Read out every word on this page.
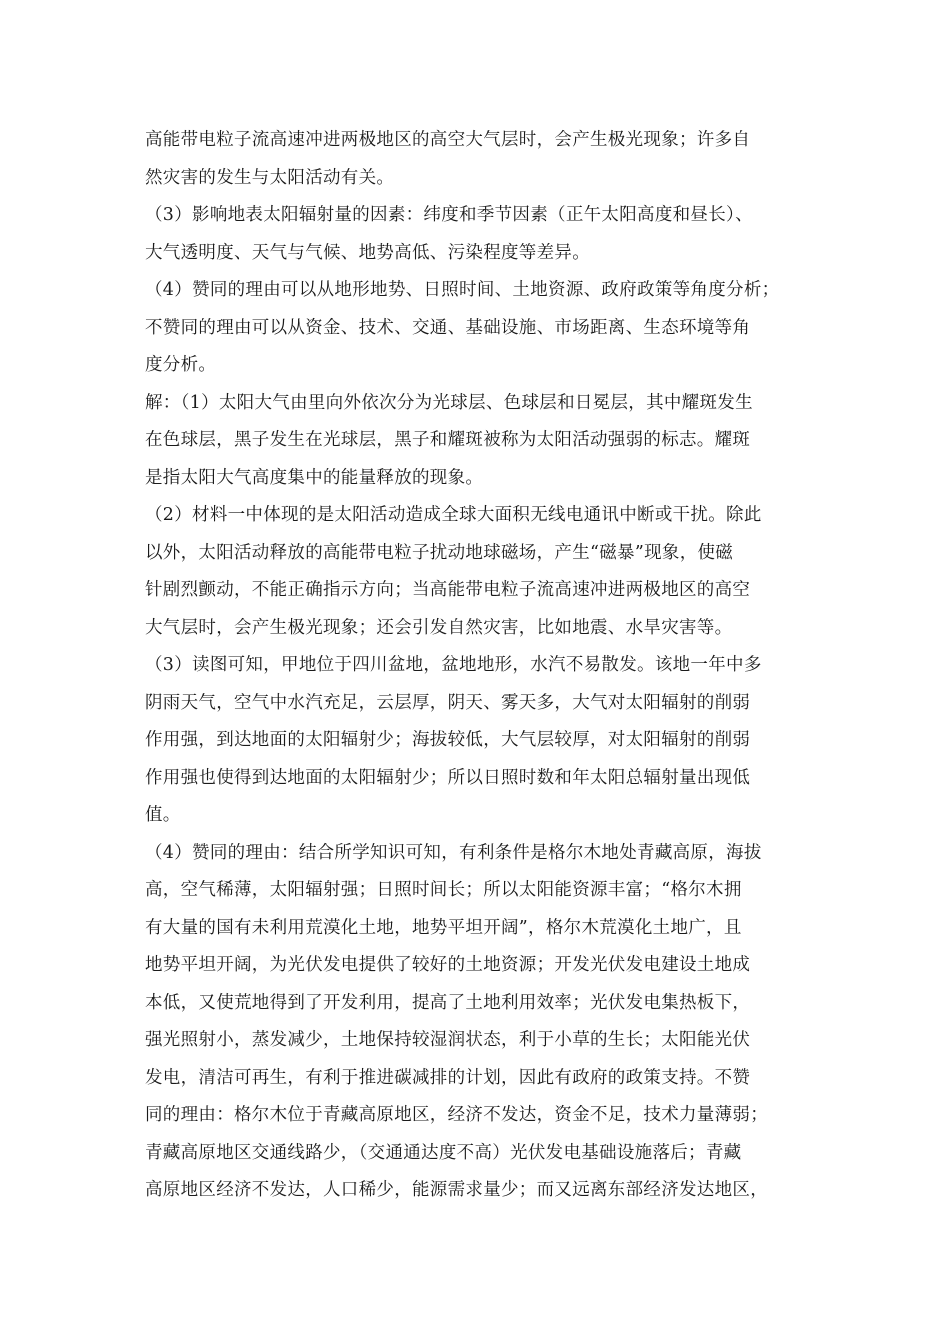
高能带电粒子流高速冲进两极地区的高空大气层时，会产生极光现象；许多自
然灾害的发生与太阳活动有关。
（3）影响地表太阳辐射量的因素：纬度和季节因素（正午太阳高度和昼长）、
大气透明度、天气与气候、地势高低、污染程度等差异。
（4）赞同的理由可以从地形地势、日照时间、土地资源、政府政策等角度分析；
不赞同的理由可以从资金、技术、交通、基础设施、市场距离、生态环境等角
度分析。
解：（1）太阳大气由里向外依次分为光球层、色球层和日冕层，其中耀斑发生
在色球层，黑子发生在光球层，黑子和耀斑被称为太阳活动强弱的标志。耀斑
是指太阳大气高度集中的能量释放的现象。
（2）材料一中体现的是太阳活动造成全球大面积无线电通讯中断或干扰。除此
以外，太阳活动释放的高能带电粒子扰动地球磁场，产生“磁暴”现象，使磁
针剧烈颤动，不能正确指示方向；当高能带电粒子流高速冲进两极地区的高空
大气层时，会产生极光现象；还会引发自然灾害，比如地震、水旱灾害等。
（3）读图可知，甲地位于四川盆地，盆地地形，水汽不易散发。该地一年中多
阴雨天气，空气中水汽充足，云层厚，阴天、雾天多，大气对太阳辐射的削弱
作用强，到达地面的太阳辐射少；海拔较低，大气层较厚，对太阳辐射的削弱
作用强也使得到达地面的太阳辐射少；所以日照时数和年太阳总辐射量出现低
值。
（4）赞同的理由：结合所学知识可知，有利条件是格尔木地处青藏高原，海拔
高，空气稀薄，太阳辐射强；日照时间长；所以太阳能资源丰富；“格尔木拥
有大量的国有未利用荒漠化土地，地势平坦开阔”，格尔木荒漠化土地广，且
地势平坦开阔，为光伏发电提供了较好的土地资源；开发光伏发电建设土地成
本低，又使荒地得到了开发利用，提高了土地利用效率；光伏发电集热板下，
强光照射小，蒸发减少，土地保持较湿润状态，利于小草的生长；太阳能光伏
发电，清洁可再生，有利于推进碳减排的计划，因此有政府的政策支持。不赞
同的理由：格尔木位于青藏高原地区，经济不发达，资金不足，技术力量薄弱；
青藏高原地区交通线路少，（交通通达度不高）光伏发电基础设施落后；青藏
高原地区经济不发达，人口稀少，能源需求量少；而又远离东部经济发达地区，
